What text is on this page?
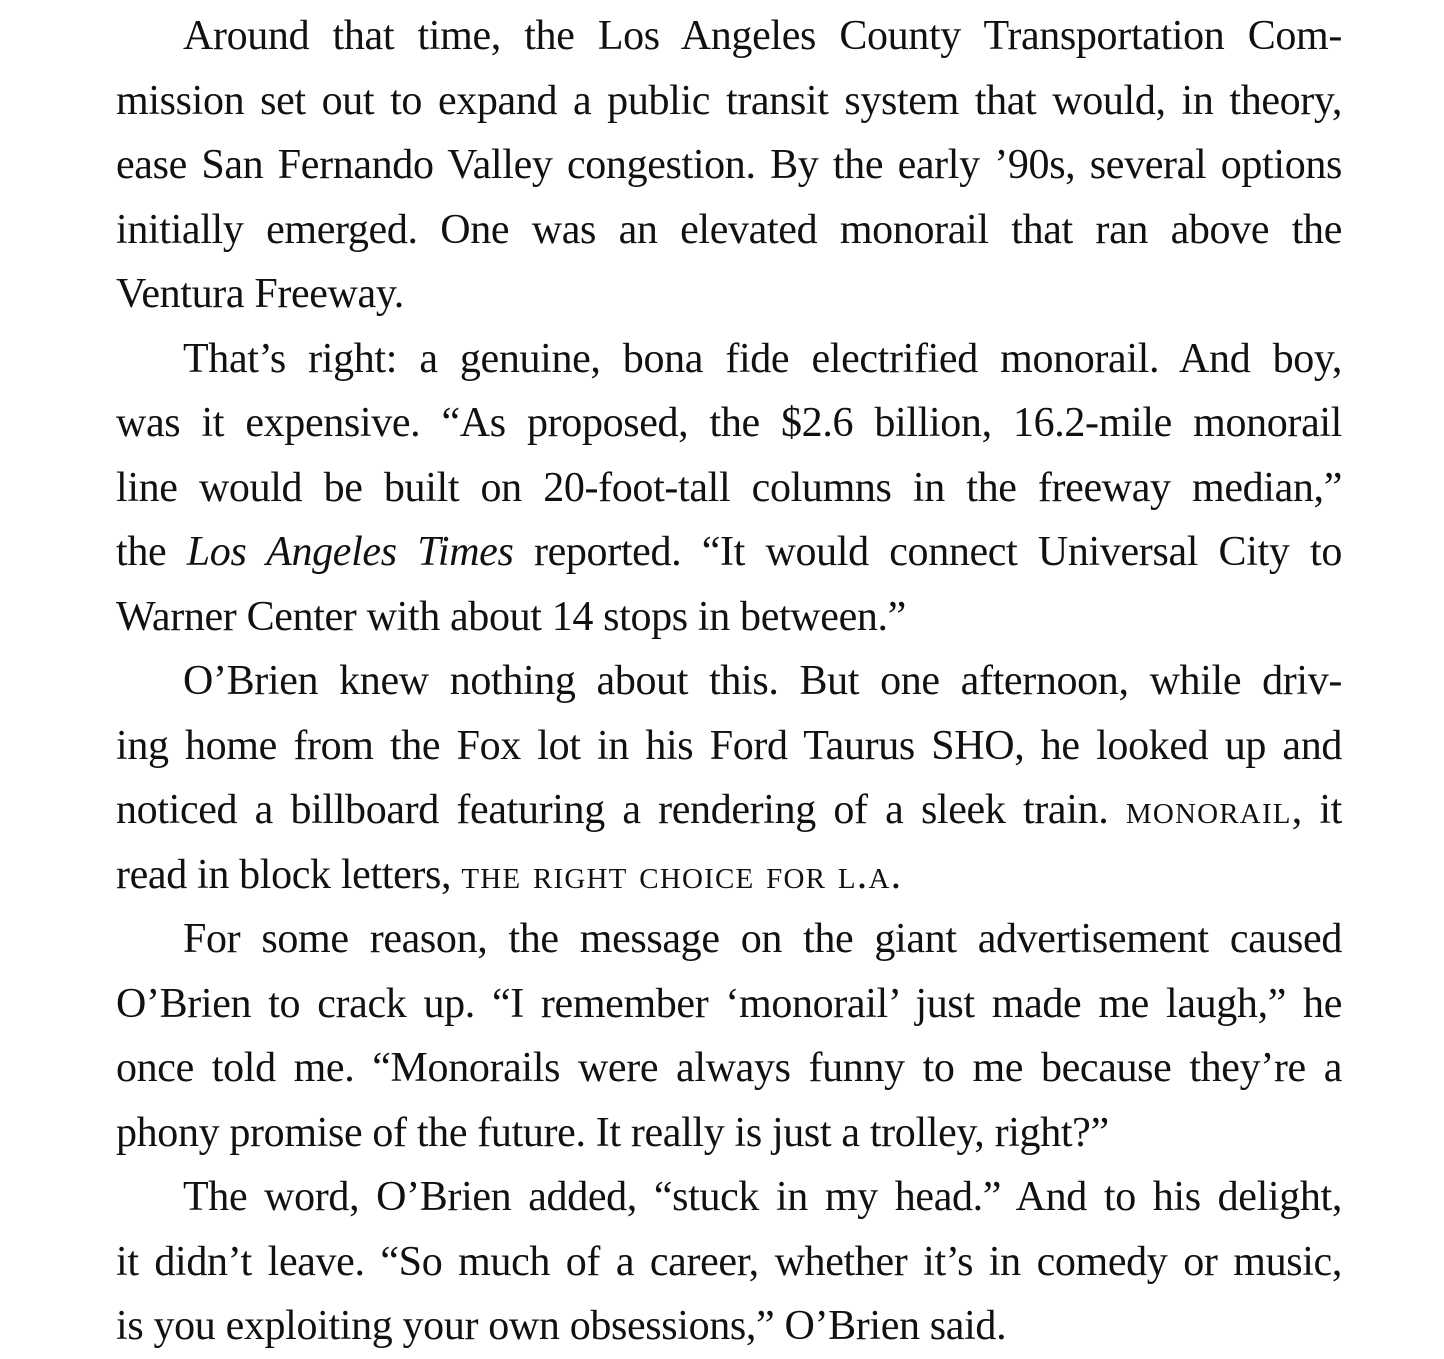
Around that time, the Los Angeles County Transportation Com-
mission set out to expand a public transit system that would, in theory,
ease San Fernando Valley congestion. By the early ’90s, several options
initially emerged. One was an elevated monorail that ran above the
Ventura Freeway.
That’s right: a genuine, bona fide electrified monorail. And boy,
was it expensive. “As proposed, the $2.6 billion, 16.2-mile monorail
line would be built on 20-foot-tall columns in the freeway median,”
the Los Angeles Times reported. “It would connect Universal City to
Warner Center with about 14 stops in between.”
O’Brien knew nothing about this. But one afternoon, while driv-
ing home from the Fox lot in his Ford Taurus SHO, he looked up and
noticed a billboard featuring a rendering of a sleek train. monorail, it
read in block letters, the right choice for l.a.
For some reason, the message on the giant advertisement caused
O’Brien to crack up. “I remember ‘monorail’ just made me laugh,” he
once told me. “Monorails were always funny to me because they’re a
phony promise of the future. It really is just a trolley, right?”
The word, O’Brien added, “stuck in my head.” And to his delight,
it didn’t leave. “So much of a career, whether it’s in comedy or music,
is you exploiting your own obsessions,” O’Brien said.
